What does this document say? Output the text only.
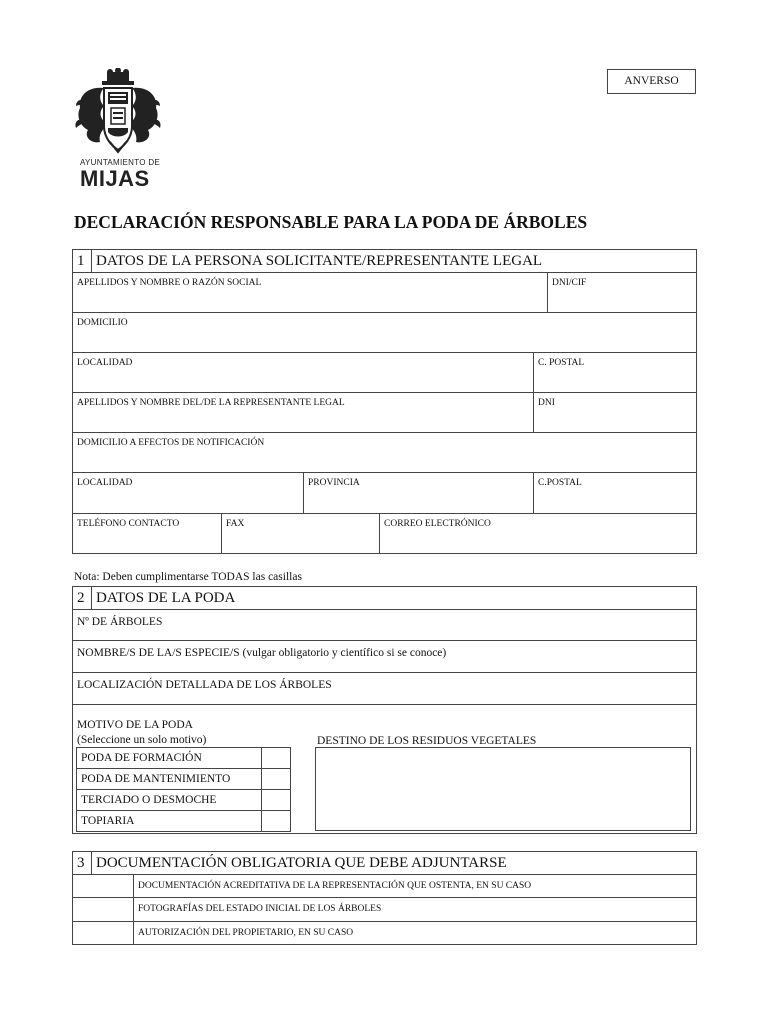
AYUNTAMIENTO DE
MIJAS
ANVERSO
DECLARACIÓN RESPONSABLE PARA LA PODA DE ÁRBOLES
1 DATOS DE LA PERSONA SOLICITANTE/REPRESENTANTE LEGAL
APELLIDOS Y NOMBRE O RAZÓN SOCIAL	DNI/CIF
DOMICILIO
LOCALIDAD	C. POSTAL
APELLIDOS Y NOMBRE DEL/DE LA REPRESENTANTE LEGAL	DNI
DOMICILIO A EFECTOS DE NOTIFICACIÓN
LOCALIDAD	PROVINCIA	C.POSTAL
TELÉFONO CONTACTO	FAX	CORREO ELECTRÓNICO
Nota: Deben cumplimentarse TODAS las casillas
2 DATOS DE LA PODA
Nº DE ÁRBOLES
NOMBRE/S DE LA/S ESPECIE/S (vulgar obligatorio y científico si se conoce)
LOCALIZACIÓN DETALLADA DE LOS ÁRBOLES
MOTIVO DE LA PODA
(Seleccione un solo motivo)	DESTINO DE LOS RESIDUOS VEGETALES
PODA DE FORMACIÓN
PODA DE MANTENIMIENTO
TERCIADO O DESMOCHE
TOPIARIA
3 DOCUMENTACIÓN OBLIGATORIA QUE DEBE ADJUNTARSE
DOCUMENTACIÓN ACREDITATIVA DE LA REPRESENTACIÓN QUE OSTENTA, EN SU CASO
FOTOGRAFÍAS DEL ESTADO INICIAL DE LOS ÁRBOLES
AUTORIZACIÓN DEL PROPIETARIO, EN SU CASO
